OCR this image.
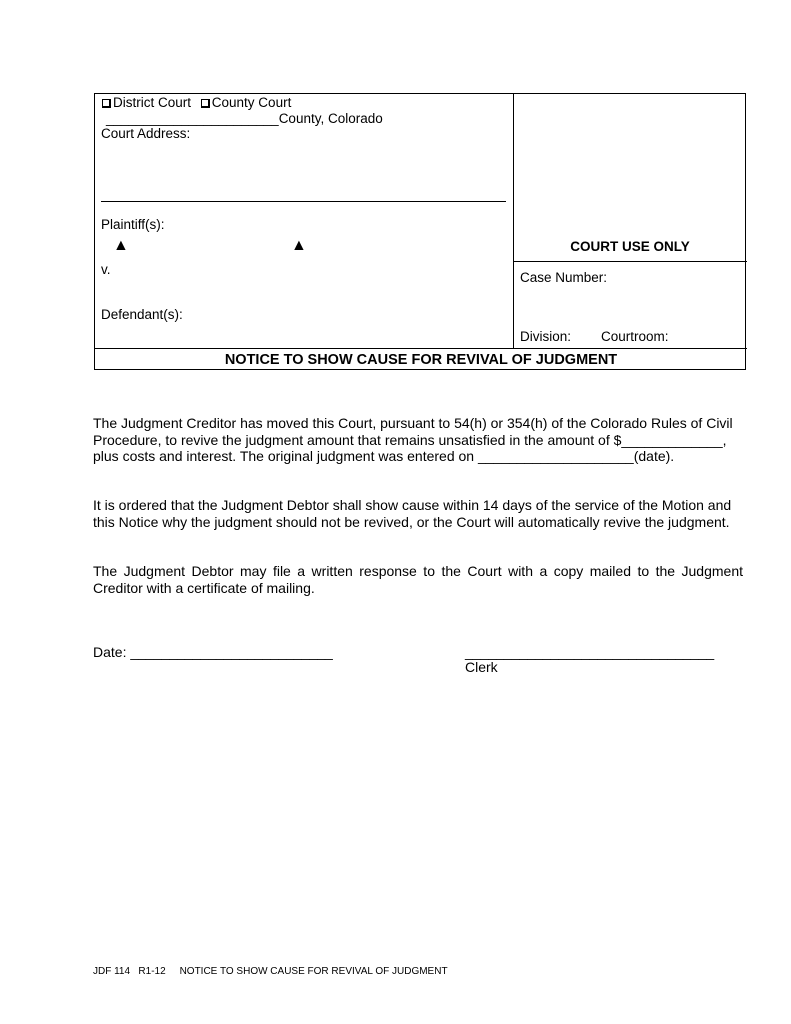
District Court County Court
_______________________County, Colorado
Court Address:
Plaintiff(s):
▲	▲
v.
Defendant(s):
COURT USE ONLY
Case Number:
Division: Courtroom:
NOTICE TO SHOW CAUSE FOR REVIVAL OF JUDGMENT
The Judgment Creditor has moved this Court, pursuant to 54(h) or 354(h) of the Colorado Rules of Civil
Procedure, to revive the judgment amount that remains unsatisfied in the amount of $_____________,
plus costs and interest. The original judgment was entered on ____________________(date).
It is ordered that the Judgment Debtor shall show cause within 14 days of the service of the Motion and
this Notice why the judgment should not be revived, or the Court will automatically revive the judgment.
The Judgment Debtor may file a written response to the Court with a copy mailed to the Judgment
Creditor with a certificate of mailing.
Date: __________________________	________________________________
Clerk
JDF 114 R1-12 NOTICE TO SHOW CAUSE FOR REVIVAL OF JUDGMENT
